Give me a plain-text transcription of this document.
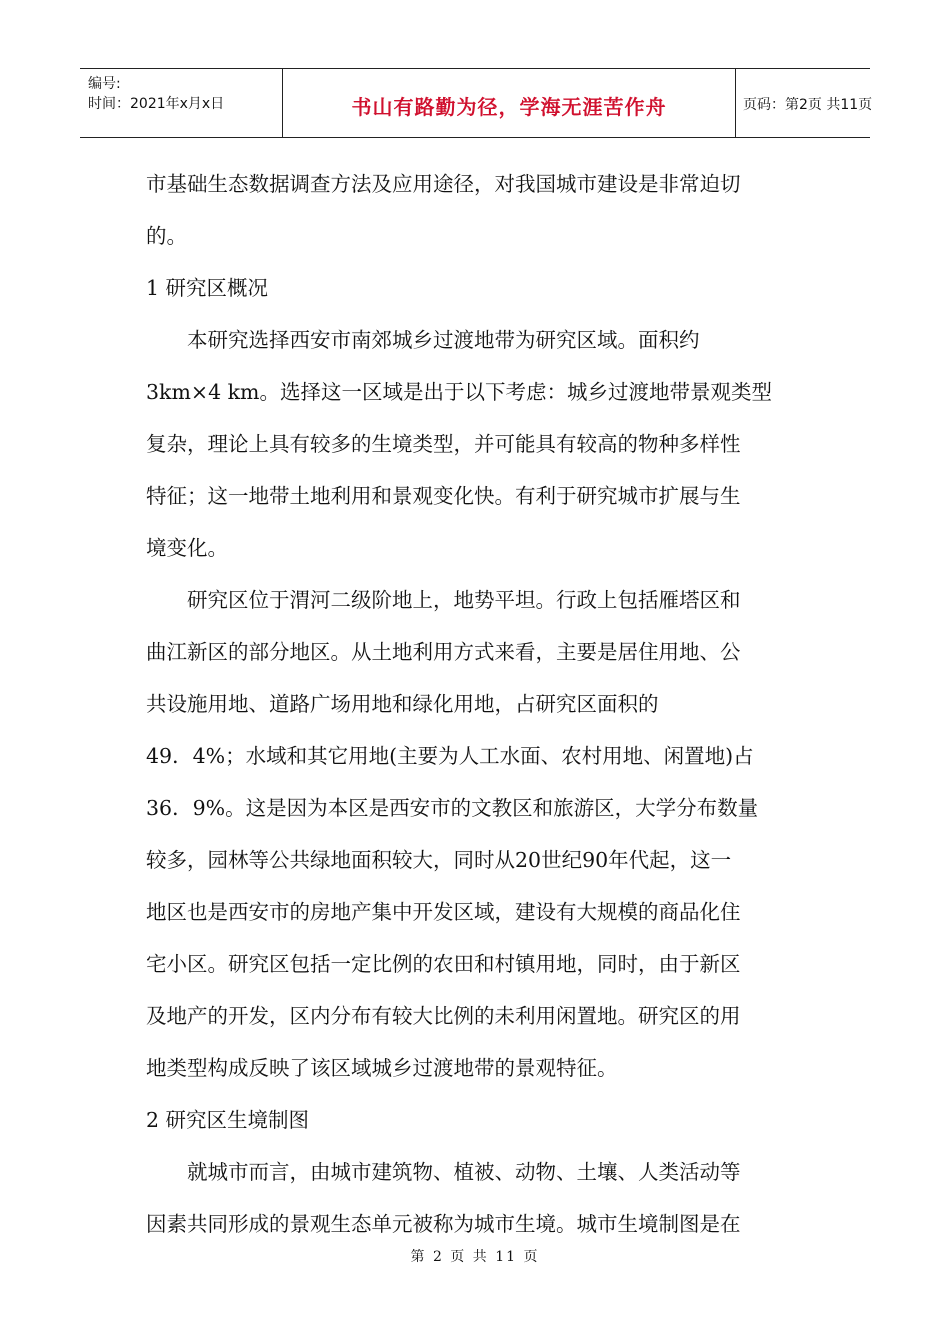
编号:
时间：2021年x月x日	书山有路勤为径，学海无涯苦作舟	页码：第2页 共11页
市基础生态数据调查方法及应用途径，对我国城市建设是非常迫切
的。
1 研究区概况
本研究选择西安市南郊城乡过渡地带为研究区域。面积约
3km×4 km。选择这一区域是出于以下考虑：城乡过渡地带景观类型
复杂，理论上具有较多的生境类型，并可能具有较高的物种多样性
特征；这一地带土地利用和景观变化快。有利于研究城市扩展与生
境变化。
研究区位于渭河二级阶地上，地势平坦。行政上包括雁塔区和
曲江新区的部分地区。从土地利用方式来看，主要是居住用地、公
共设施用地、道路广场用地和绿化用地，占研究区面积的
49．4%；水域和其它用地(主要为人工水面、农村用地、闲置地)占
36．9%。这是因为本区是西安市的文教区和旅游区，大学分布数量
较多，园林等公共绿地面积较大，同时从20世纪90年代起，这一
地区也是西安市的房地产集中开发区域，建设有大规模的商品化住
宅小区。研究区包括一定比例的农田和村镇用地，同时，由于新区
及地产的开发，区内分布有较大比例的未利用闲置地。研究区的用
地类型构成反映了该区域城乡过渡地带的景观特征。
2 研究区生境制图
就城市而言，由城市建筑物、植被、动物、土壤、人类活动等
因素共同形成的景观生态单元被称为城市生境。城市生境制图是在
第 2 页 共 11 页
